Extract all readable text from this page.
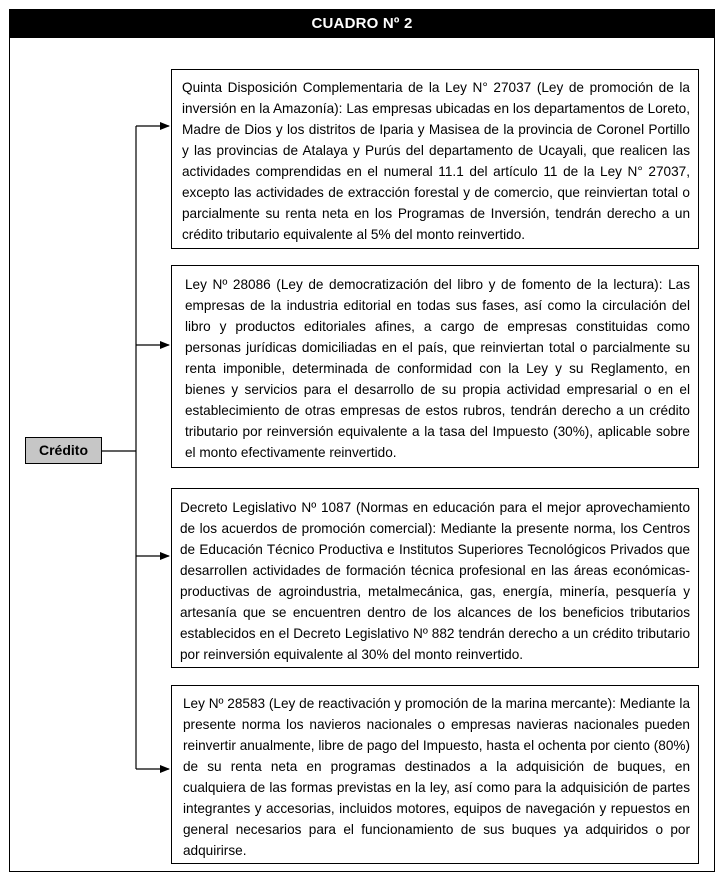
CUADRO Nº 2
Crédito
Quinta Disposición Complementaria de la Ley N° 27037 (Ley de promoción de la inversión en la Amazonía): Las empresas ubicadas en los departamentos de Loreto, Madre de Dios y los distritos de Iparia y Masisea de la provincia de Coronel Portillo y las provincias de Atalaya y Purús del departamento de Ucayali, que realicen las actividades comprendidas en el numeral 11.1 del artículo 11 de la Ley N° 27037, excepto las actividades de extracción forestal y de comercio, que reinviertan total o parcialmente su renta neta en los Programas de Inversión, tendrán derecho a un crédito tributario equivalente al 5% del monto reinvertido.
Ley Nº 28086 (Ley de democratización del libro y de fomento de la lectura): Las empresas de la industria editorial en todas sus fases, así como la circulación del libro y productos editoriales afines, a cargo de empresas constituidas como personas jurídicas domiciliadas en el país, que reinviertan total o parcialmente su renta imponible, determinada de conformidad con la Ley y su Reglamento, en bienes y servicios para el desarrollo de su propia actividad empresarial o en el establecimiento de otras empresas de estos rubros, tendrán derecho a un crédito tributario por reinversión equivalente a la tasa del Impuesto (30%), aplicable sobre el monto efectivamente reinvertido.
Decreto Legislativo Nº 1087 (Normas en educación para el mejor aprovechamiento de los acuerdos de promoción comercial): Mediante la presente norma, los Centros de Educación Técnico Productiva e Institutos Superiores Tecnológicos Privados que desarrollen actividades de formación técnica profesional en las áreas económicas-productivas de agroindustria, metalmecánica, gas, energía, minería, pesquería y artesanía que se encuentren dentro de los alcances de los beneficios tributarios establecidos en el Decreto Legislativo Nº 882 tendrán derecho a un crédito tributario por reinversión equivalente al 30% del monto reinvertido.
Ley Nº 28583 (Ley de reactivación y promoción de la marina mercante): Mediante la presente norma los navieros nacionales o empresas navieras nacionales pueden reinvertir anualmente, libre de pago del Impuesto, hasta el ochenta por ciento (80%) de su renta neta en programas destinados a la adquisición de buques, en cualquiera de las formas previstas en la ley, así como para la adquisición de partes integrantes y accesorias, incluidos motores, equipos de navegación y repuestos en general necesarios para el funcionamiento de sus buques ya adquiridos o por adquirirse.
